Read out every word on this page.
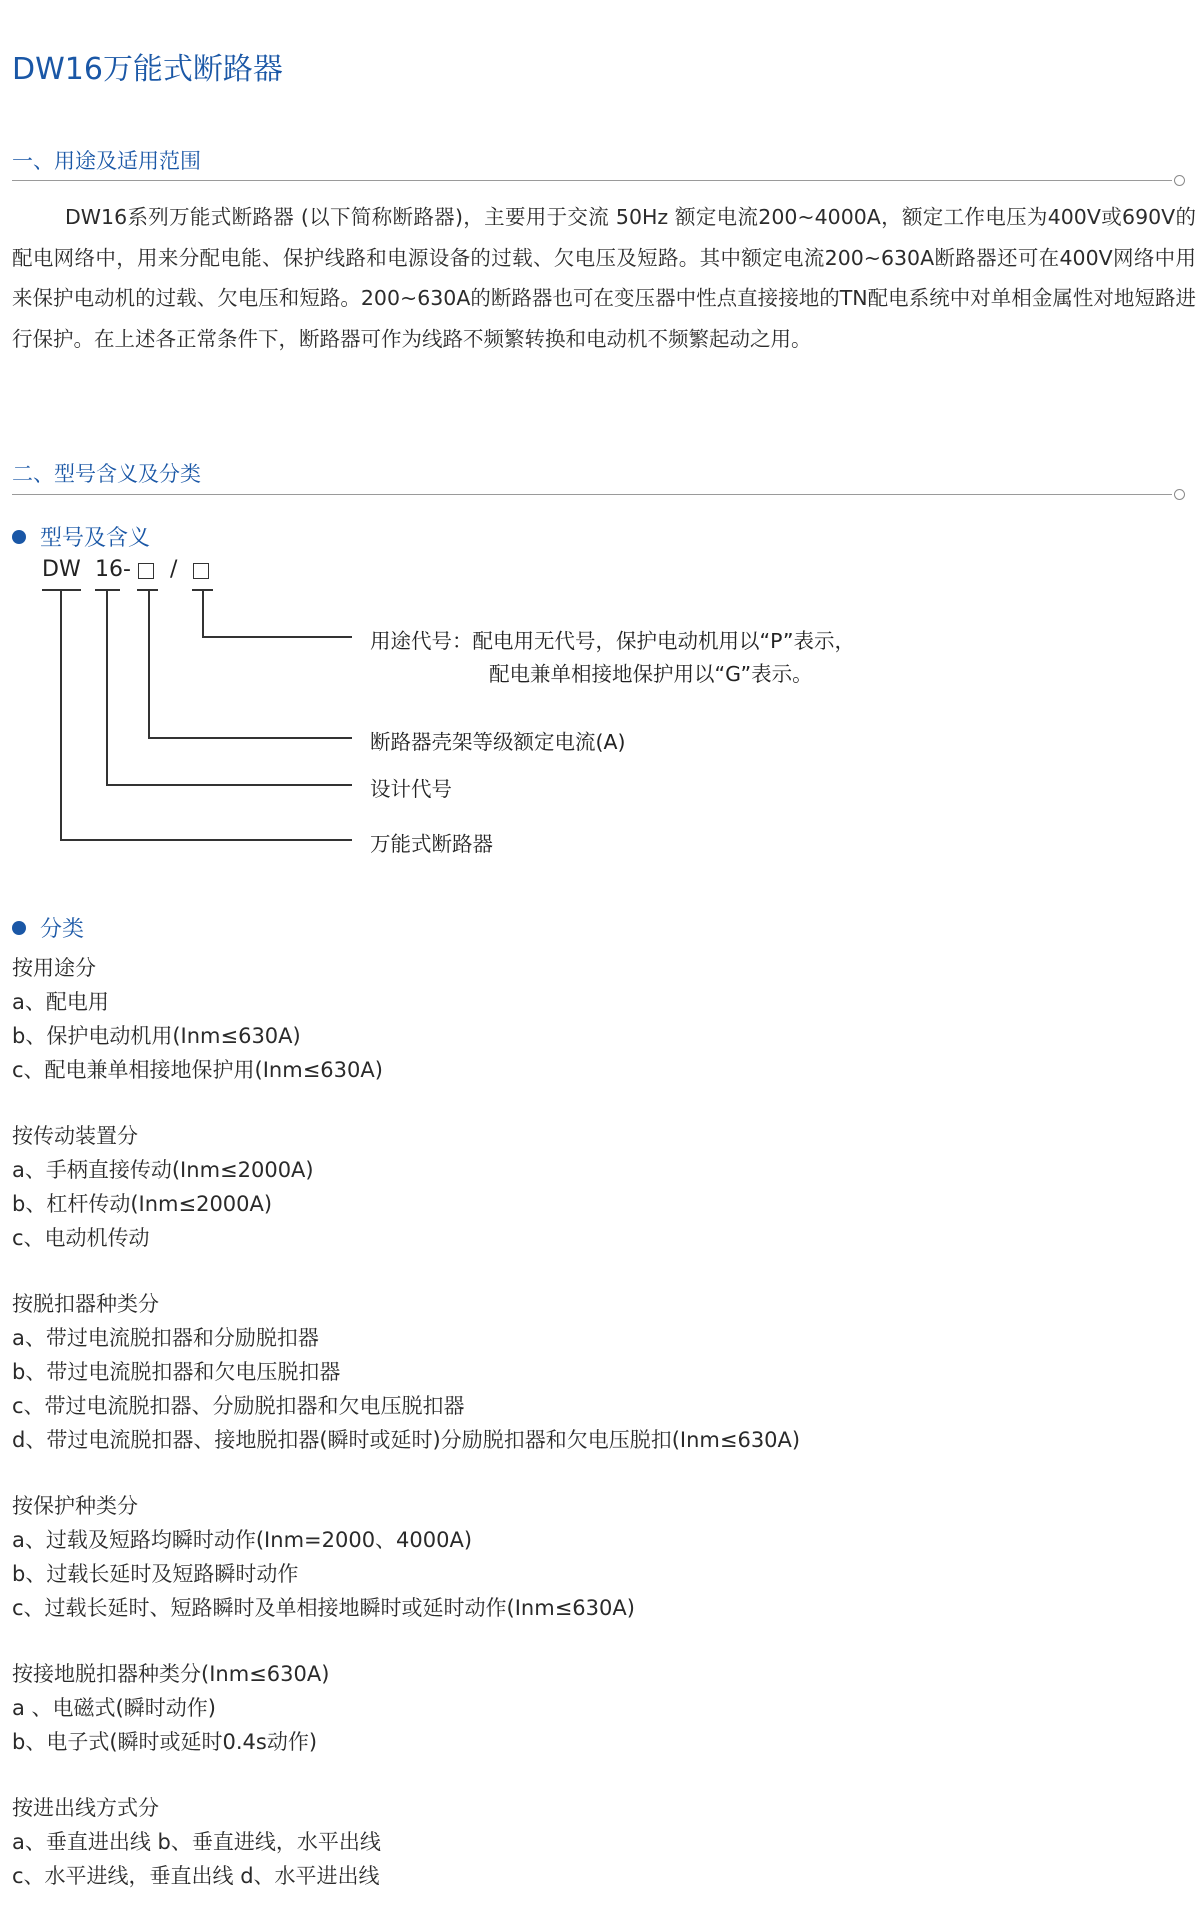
DW16万能式断路器
一、用途及适用范围

DW16系列万能式断路器 (以下简称断路器)，主要用于交流 50Hz 额定电流200~4000A，额定工作电压为400V或690V的配电网络中，用来分配电能、保护线路和电源设备的过载、欠电压及短路。其中额定电流200~630A断路器还可在400V网络中用来保护电动机的过载、欠电压和短路。200~630A的断路器也可在变压器中性点直接接地的TN配电系统中对单相金属性对地短路进行保护。在上述各正常条件下，断路器可作为线路不频繁转换和电动机不频繁起动之用。

二、型号含义及分类
型号及含义
DW 16 - /
用途代号：配电用无代号，保护电动机用以“P”表示，
配电兼单相接地保护用以“G”表示。
断路器壳架等级额定电流(A)
设计代号
万能式断路器
分类
按用途分
a、配电用
b、保护电动机用(Inm≤630A)
c、配电兼单相接地保护用(Inm≤630A)
按传动装置分
a、手柄直接传动(Inm≤2000A)
b、杠杆传动(Inm≤2000A)
c、电动机传动
按脱扣器种类分
a、带过电流脱扣器和分励脱扣器
b、带过电流脱扣器和欠电压脱扣器
c、带过电流脱扣器、分励脱扣器和欠电压脱扣器
d、带过电流脱扣器、接地脱扣器(瞬时或延时)分励脱扣器和欠电压脱扣(Inm≤630A)
按保护种类分
a、过载及短路均瞬时动作(Inm=2000、4000A)
b、过载长延时及短路瞬时动作
c、过载长延时、短路瞬时及单相接地瞬时或延时动作(Inm≤630A)
按接地脱扣器种类分(Inm≤630A)
a 、电磁式(瞬时动作)
b、电子式(瞬时或延时0.4s动作)
按进出线方式分
a、垂直进出线 b、垂直进线，水平出线
c、水平进线，垂直出线 d、水平进出线
